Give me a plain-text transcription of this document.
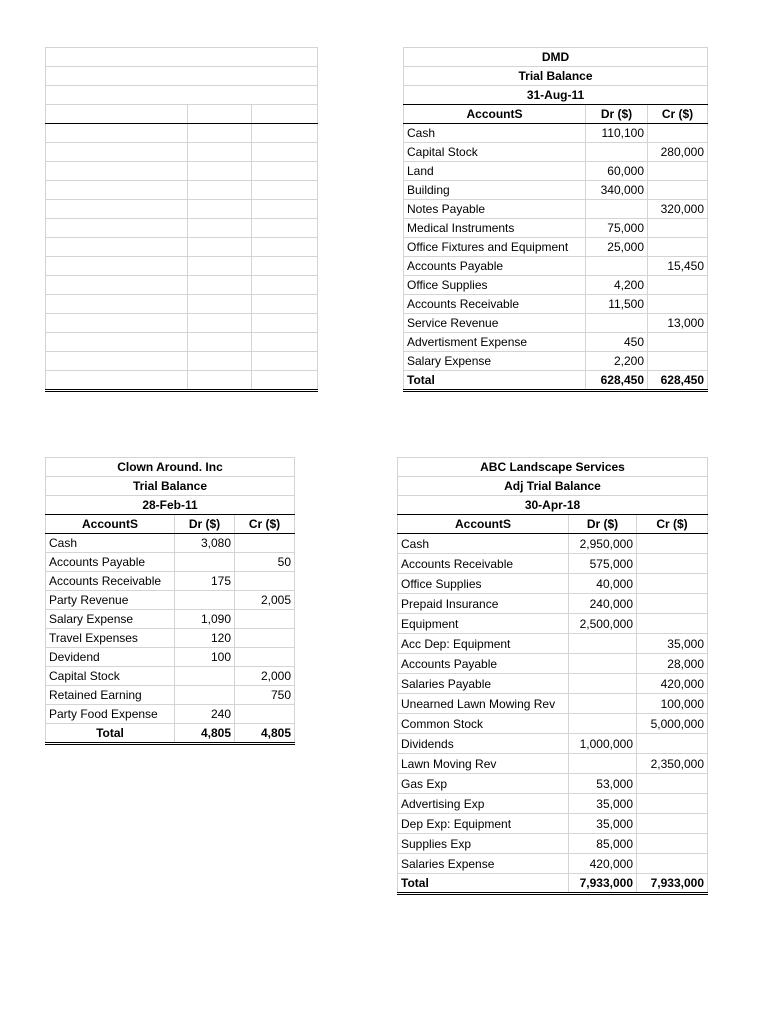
DMD		
Trial Balance		
31-Aug-11		
AccountS	Dr ($)	Cr ($)
Cash	110,100	
Capital Stock		280,000
Land	60,000	
Building	340,000	
Notes Payable		320,000
Medical Instruments	75,000	
Office Fixtures and Equipment	25,000	
Accounts Payable		15,450
Office Supplies	4,200	
Accounts Receivable	11,500	
Service Revenue		13,000
Advertisment Expense	450	
Salary Expense	2,200	
Total	628,450	628,450
Clown Around. Inc		
Trial Balance		
28-Feb-11		
AccountS	Dr ($)	Cr ($)
Cash	3,080	
Accounts Payable		50
Accounts Receivable	175	
Party Revenue		2,005
Salary Expense	1,090	
Travel Expenses	120	
Devidend	100	
Capital Stock		2,000
Retained Earning		750
Party Food Expense	240	
Total	4,805	4,805
ABC Landscape Services		
Adj Trial Balance		
30-Apr-18		
AccountS	Dr ($)	Cr ($)
Cash	2,950,000	
Accounts Receivable	575,000	
Office Supplies	40,000	
Prepaid Insurance	240,000	
Equipment	2,500,000	
Acc Dep: Equipment		35,000
Accounts Payable		28,000
Salaries Payable		420,000
Unearned Lawn Mowing Rev		100,000
Common Stock		5,000,000
Dividends	1,000,000	
Lawn Moving Rev		2,350,000
Gas Exp	53,000	
Advertising Exp	35,000	
Dep Exp: Equipment	35,000	
Supplies Exp	85,000	
Salaries Expense	420,000	
Total	7,933,000	7,933,000
